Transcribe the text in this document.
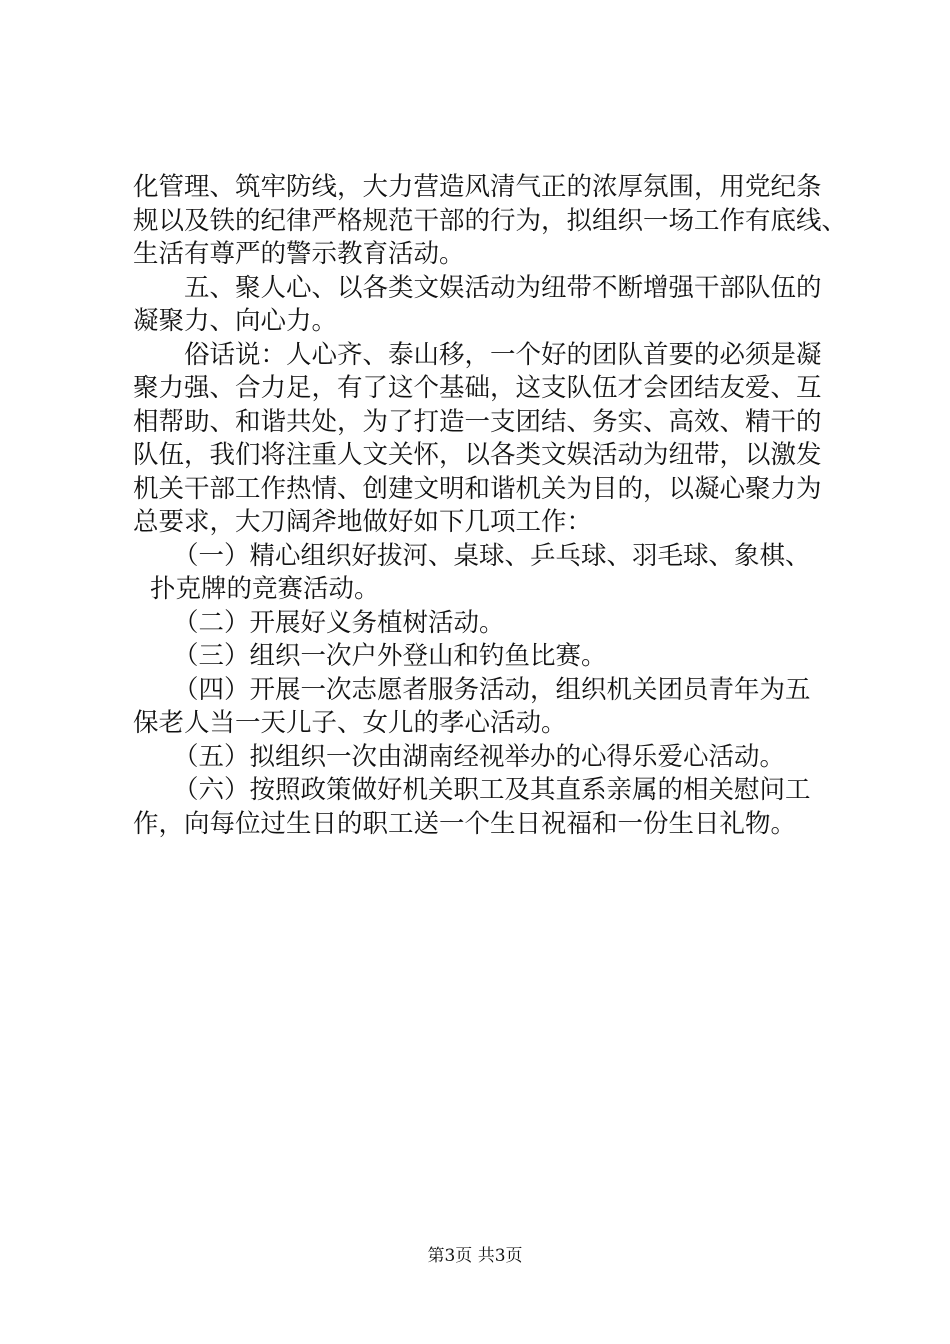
化管理、筑牢防线，大力营造风清气正的浓厚氛围，用党纪条
规以及铁的纪律严格规范干部的行为，拟组织一场工作有底线、
生活有尊严的警示教育活动。
五、聚人心、以各类文娱活动为纽带不断增强干部队伍的
凝聚力、向心力。
俗话说：人心齐、泰山移，一个好的团队首要的必须是凝
聚力强、合力足，有了这个基础，这支队伍才会团结友爱、互
相帮助、和谐共处，为了打造一支团结、务实、高效、精干的
队伍，我们将注重人文关怀，以各类文娱活动为纽带，以激发
机关干部工作热情、创建文明和谐机关为目的，以凝心聚力为
总要求，大刀阔斧地做好如下几项工作：
（一）精心组织好拔河、桌球、乒乓球、羽毛球、象棋、
扑克牌的竞赛活动。
（二）开展好义务植树活动。
（三）组织一次户外登山和钓鱼比赛。
（四）开展一次志愿者服务活动，组织机关团员青年为五
保老人当一天儿子、女儿的孝心活动。
（五）拟组织一次由湖南经视举办的心得乐爱心活动。
（六）按照政策做好机关职工及其直系亲属的相关慰问工
作，向每位过生日的职工送一个生日祝福和一份生日礼物。
第3页 共3页
